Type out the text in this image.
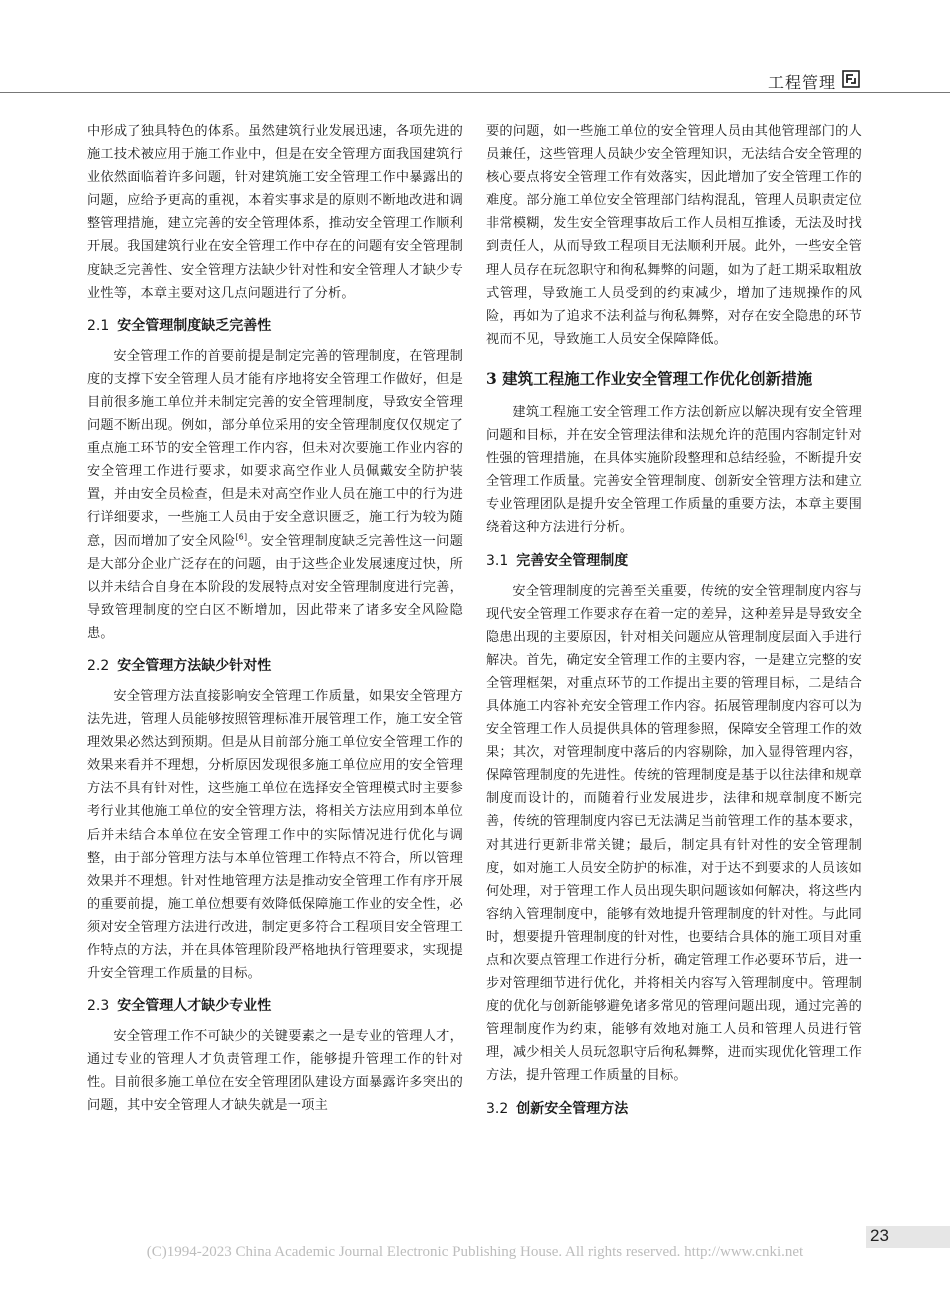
工程管理

中形成了独具特色的体系。虽然建筑行业发展迅速，各项先进的施工技术被应用于施工作业中，但是在安全管理方面我国建筑行业依然面临着许多问题，针对建筑施工安全管理工作中暴露出的问题，应给予更高的重视，本着实事求是的原则不断地改进和调整管理措施，建立完善的安全管理体系，推动安全管理工作顺利开展。我国建筑行业在安全管理工作中存在的问题有安全管理制度缺乏完善性、安全管理方法缺少针对性和安全管理人才缺少专业性等，本章主要对这几点问题进行了分析。

2.1 安全管理制度缺乏完善性

安全管理工作的首要前提是制定完善的管理制度，在管理制度的支撑下安全管理人员才能有序地将安全管理工作做好，但是目前很多施工单位并未制定完善的安全管理制度，导致安全管理问题不断出现。例如，部分单位采用的安全管理制度仅仅规定了重点施工环节的安全管理工作内容，但未对次要施工作业内容的安全管理工作进行要求，如要求高空作业人员佩戴安全防护装置，并由安全员检查，但是未对高空作业人员在施工中的行为进行详细要求，一些施工人员由于安全意识匮乏，施工行为较为随意，因而增加了安全风险[6]。安全管理制度缺乏完善性这一问题是大部分企业广泛存在的问题，由于这些企业发展速度过快，所以并未结合自身在本阶段的发展特点对安全管理制度进行完善，导致管理制度的空白区不断增加，因此带来了诸多安全风险隐患。

2.2 安全管理方法缺少针对性

安全管理方法直接影响安全管理工作质量，如果安全管理方法先进，管理人员能够按照管理标准开展管理工作，施工安全管理效果必然达到预期。但是从目前部分施工单位安全管理工作的效果来看并不理想，分析原因发现很多施工单位应用的安全管理方法不具有针对性，这些施工单位在选择安全管理模式时主要参考行业其他施工单位的安全管理方法，将相关方法应用到本单位后并未结合本单位在安全管理工作中的实际情况进行优化与调整，由于部分管理方法与本单位管理工作特点不符合，所以管理效果并不理想。针对性地管理方法是推动安全管理工作有序开展的重要前提，施工单位想要有效降低保障施工作业的安全性，必须对安全管理方法进行改进，制定更多符合工程项目安全管理工作特点的方法，并在具体管理阶段严格地执行管理要求，实现提升安全管理工作质量的目标。

2.3 安全管理人才缺少专业性

安全管理工作不可缺少的关键要素之一是专业的管理人才，通过专业的管理人才负责管理工作，能够提升管理工作的针对性。目前很多施工单位在安全管理团队建设方面暴露许多突出的问题，其中安全管理人才缺失就是一项主

要的问题，如一些施工单位的安全管理人员由其他管理部门的人员兼任，这些管理人员缺少安全管理知识，无法结合安全管理的核心要点将安全管理工作有效落实，因此增加了安全管理工作的难度。部分施工单位安全管理部门结构混乱，管理人员职责定位非常模糊，发生安全管理事故后工作人员相互推诿，无法及时找到责任人，从而导致工程项目无法顺利开展。此外，一些安全管理人员存在玩忽职守和徇私舞弊的问题，如为了赶工期采取粗放式管理，导致施工人员受到的约束减少，增加了违规操作的风险，再如为了追求不法利益与徇私舞弊，对存在安全隐患的环节视而不见，导致施工人员安全保障降低。

3 建筑工程施工作业安全管理工作优化创新措施

建筑工程施工安全管理工作方法创新应以解决现有安全管理问题和目标，并在安全管理法律和法规允许的范围内容制定针对性强的管理措施，在具体实施阶段整理和总结经验，不断提升安全管理工作质量。完善安全管理制度、创新安全管理方法和建立专业管理团队是提升安全管理工作质量的重要方法，本章主要围绕着这种方法进行分析。

3.1 完善安全管理制度

安全管理制度的完善至关重要，传统的安全管理制度内容与现代安全管理工作要求存在着一定的差异，这种差异是导致安全隐患出现的主要原因，针对相关问题应从管理制度层面入手进行解决。首先，确定安全管理工作的主要内容，一是建立完整的安全管理框架，对重点环节的工作提出主要的管理目标，二是结合具体施工内容补充安全管理工作内容。拓展管理制度内容可以为安全管理工作人员提供具体的管理参照，保障安全管理工作的效果；其次，对管理制度中落后的内容剔除，加入显得管理内容，保障管理制度的先进性。传统的管理制度是基于以往法律和规章制度而设计的，而随着行业发展进步，法律和规章制度不断完善，传统的管理制度内容已无法满足当前管理工作的基本要求，对其进行更新非常关键；最后，制定具有针对性的安全管理制度，如对施工人员安全防护的标准，对于达不到要求的人员该如何处理，对于管理工作人员出现失职问题该如何解决，将这些内容纳入管理制度中，能够有效地提升管理制度的针对性。与此同时，想要提升管理制度的针对性，也要结合具体的施工项目对重点和次要点管理工作进行分析，确定管理工作必要环节后，进一步对管理细节进行优化，并将相关内容写入管理制度中。管理制度的优化与创新能够避免诸多常见的管理问题出现，通过完善的管理制度作为约束，能够有效地对施工人员和管理人员进行管理，减少相关人员玩忽职守后徇私舞弊，进而实现优化管理工作方法，提升管理工作质量的目标。

3.2 创新安全管理方法
23
(C)1994-2023 China Academic Journal Electronic Publishing House. All rights reserved. http://www.cnki.net
